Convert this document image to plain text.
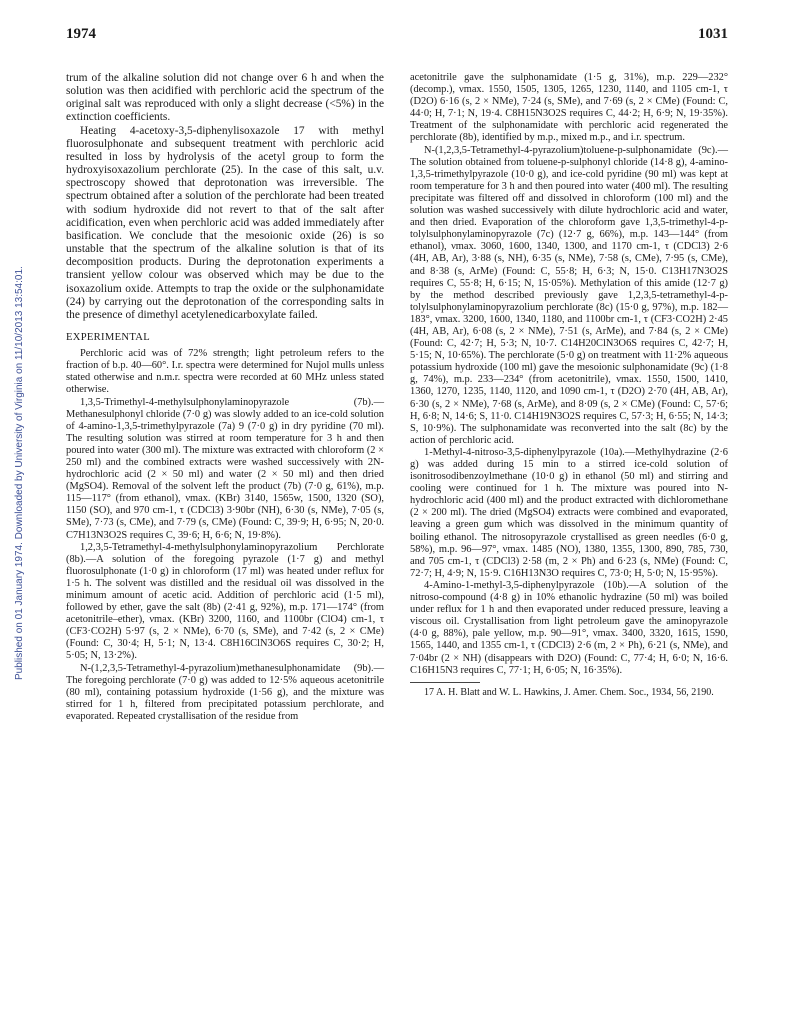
1974	1031
Published on 01 January 1974. Downloaded by University of Virginia on 11/10/2013 13:54:01.

trum of the alkaline solution did not change over 6 h and when the solution was then acidified with perchloric acid the spectrum of the original salt was reproduced with only a slight decrease (<5%) in the extinction coefficients.

Heating 4-acetoxy-3,5-diphenylisoxazole 17 with methyl fluorosulphonate and subsequent treatment with perchloric acid resulted in loss by hydrolysis of the acetyl group to form the hydroxyisoxazolium perchlorate (25). In the case of this salt, u.v. spectroscopy showed that deprotonation was irreversible. The spectrum obtained after a solution of the perchlorate had been treated with sodium hydroxide did not revert to that of the salt after acidification, even when perchloric acid was added immediately after basification. We conclude that the mesoionic oxide (26) is so unstable that the spectrum of the alkaline solution is that of its decomposition products. During the deprotonation experiments a transient yellow colour was observed which may be due to the isoxazolium oxide. Attempts to trap the oxide or the sulphonamidate (24) by carrying out the deprotonation of the corresponding salts in the presence of dimethyl acetylenedicarboxylate failed.

EXPERIMENTAL

Perchloric acid was of 72% strength; light petroleum refers to the fraction of b.p. 40—60°. I.r. spectra were determined for Nujol mulls unless stated otherwise and n.m.r. spectra were recorded at 60 MHz unless stated otherwise.

1,3,5-Trimethyl-4-methylsulphonylaminopyrazole (7b).—Methanesulphonyl chloride (7·0 g) was slowly added to an ice-cold solution of 4-amino-1,3,5-trimethylpyrazole (7a) 9 (7·0 g) in dry pyridine (70 ml). The resulting solution was stirred at room temperature for 3 h and then poured into water (300 ml). The mixture was extracted with chloroform (2 × 250 ml) and the combined extracts were washed successively with 2N-hydrochloric acid (2 × 50 ml) and water (2 × 50 ml) and then dried (MgSO4). Removal of the solvent left the product (7b) (7·0 g, 61%), m.p. 115—117° (from ethanol), νmax. (KBr) 3140, 1565w, 1500, 1320 (SO), 1150 (SO), and 970 cm-1, τ (CDCl3) 3·90br (NH), 6·30 (s, NMe), 7·05 (s, SMe), 7·73 (s, CMe), and 7·79 (s, CMe) (Found: C, 39·9; H, 6·95; N, 20·0. C7H13N3O2S requires C, 39·6; H, 6·6; N, 19·8%).

1,2,3,5-Tetramethyl-4-methylsulphonylaminopyrazolium Perchlorate (8b).—A solution of the foregoing pyrazole (1·7 g) and methyl fluorosulphonate (1·0 g) in chloroform (17 ml) was heated under reflux for 1·5 h. The solvent was distilled and the residual oil was dissolved in the minimum amount of acetic acid. Addition of perchloric acid (1·5 ml), followed by ether, gave the salt (8b) (2·41 g, 92%), m.p. 171—174° (from acetonitrile–ether), νmax. (KBr) 3200, 1160, and 1100br (ClO4) cm-1, τ (CF3·CO2H) 5·97 (s, 2 × NMe), 6·70 (s, SMe), and 7·42 (s, 2 × CMe) (Found: C, 30·4; H, 5·1; N, 13·4. C8H16ClN3O6S requires C, 30·2; H, 5·05; N, 13·2%).

N-(1,2,3,5-Tetramethyl-4-pyrazolium)methanesulphonamidate (9b).—The foregoing perchlorate (7·0 g) was added to 12·5% aqueous acetonitrile (80 ml), containing potassium hydroxide (1·56 g), and the mixture was stirred for 1 h, filtered from precipitated potassium perchlorate, and evaporated. Repeated crystallisation of the residue from

acetonitrile gave the sulphonamidate (1·5 g, 31%), m.p. 229—232° (decomp.), νmax. 1550, 1505, 1305, 1265, 1230, 1140, and 1105 cm-1, τ (D2O) 6·16 (s, 2 × NMe), 7·24 (s, SMe), and 7·69 (s, 2 × CMe) (Found: C, 44·0; H, 7·1; N, 19·4. C8H15N3O2S requires C, 44·2; H, 6·9; N, 19·35%). Treatment of the sulphonamidate with perchloric acid regenerated the perchlorate (8b), identified by m.p., mixed m.p., and i.r. spectrum.

N-(1,2,3,5-Tetramethyl-4-pyrazolium)toluene-p-sulphonamidate (9c).—The solution obtained from toluene-p-sulphonyl chloride (14·8 g), 4-amino-1,3,5-trimethylpyrazole (10·0 g), and ice-cold pyridine (90 ml) was kept at room temperature for 3 h and then poured into water (400 ml). The resulting precipitate was filtered off and dissolved in chloroform (100 ml) and the solution was washed successively with dilute hydrochloric acid and water, and then dried. Evaporation of the chloroform gave 1,3,5-trimethyl-4-p-tolylsulphonylaminopyrazole (7c) (12·7 g, 66%), m.p. 143—144° (from ethanol), νmax. 3060, 1600, 1340, 1300, and 1170 cm-1, τ (CDCl3) 2·6 (4H, AB, Ar), 3·88 (s, NH), 6·35 (s, NMe), 7·58 (s, CMe), 7·95 (s, CMe), and 8·38 (s, ArMe) (Found: C, 55·8; H, 6·3; N, 15·0. C13H17N3O2S requires C, 55·8; H, 6·15; N, 15·05%). Methylation of this amide (12·7 g) by the method described previously gave 1,2,3,5-tetramethyl-4-p-tolylsulphonylaminopyrazolium perchlorate (8c) (15·0 g, 97%), m.p. 182—183°, νmax. 3200, 1600, 1340, 1180, and 1100br cm-1, τ (CF3·CO2H) 2·45 (4H, AB, Ar), 6·08 (s, 2 × NMe), 7·51 (s, ArMe), and 7·84 (s, 2 × CMe) (Found: C, 42·7; H, 5·3; N, 10·7. C14H20ClN3O6S requires C, 42·7; H, 5·15; N, 10·65%). The perchlorate (5·0 g) on treatment with 11·2% aqueous potassium hydroxide (100 ml) gave the mesoionic sulphonamidate (9c) (1·8 g, 74%), m.p. 233—234° (from acetonitrile), νmax. 1550, 1500, 1410, 1360, 1270, 1235, 1140, 1120, and 1090 cm-1, τ (D2O) 2·70 (4H, AB, Ar), 6·30 (s, 2 × NMe), 7·68 (s, ArMe), and 8·09 (s, 2 × CMe) (Found: C, 57·6; H, 6·8; N, 14·6; S, 11·0. C14H19N3O2S requires C, 57·3; H, 6·55; N, 14·3; S, 10·9%). The sulphonamidate was reconverted into the salt (8c) by the action of perchloric acid.

1-Methyl-4-nitroso-3,5-diphenylpyrazole (10a).—Methylhydrazine (2·6 g) was added during 15 min to a stirred ice-cold solution of isonitrosodibenzoylmethane (10·0 g) in ethanol (50 ml) and stirring and cooling were continued for 1 h. The mixture was poured into N-hydrochloric acid (400 ml) and the product extracted with dichloromethane (2 × 200 ml). The dried (MgSO4) extracts were combined and evaporated, leaving a green gum which was dissolved in the minimum quantity of boiling ethanol. The nitrosopyrazole crystallised as green needles (6·0 g, 58%), m.p. 96—97°, νmax. 1485 (NO), 1380, 1355, 1300, 890, 785, 730, and 705 cm-1, τ (CDCl3) 2·58 (m, 2 × Ph) and 6·23 (s, NMe) (Found: C, 72·7; H, 4·9; N, 15·9. C16H13N3O requires C, 73·0; H, 5·0; N, 15·95%).

4-Amino-1-methyl-3,5-diphenylpyrazole (10b).—A solution of the nitroso-compound (4·8 g) in 10% ethanolic hydrazine (50 ml) was boiled under reflux for 1 h and then evaporated under reduced pressure, leaving a viscous oil. Crystallisation from light petroleum gave the aminopyrazole (4·0 g, 88%), pale yellow, m.p. 90—91°, νmax. 3400, 3320, 1615, 1590, 1565, 1440, and 1355 cm-1, τ (CDCl3) 2·6 (m, 2 × Ph), 6·21 (s, NMe), and 7·04br (2 × NH) (disappears with D2O) (Found: C, 77·4; H, 6·0; N, 16·6. C16H15N3 requires C, 77·1; H, 6·05; N, 16·35%).

17 A. H. Blatt and W. L. Hawkins, J. Amer. Chem. Soc., 1934, 56, 2190.
